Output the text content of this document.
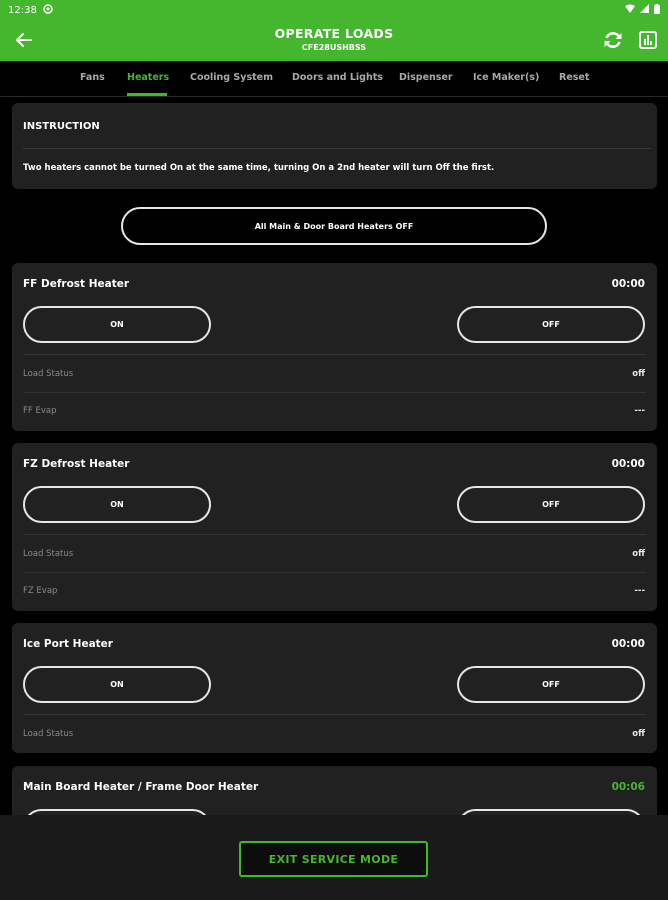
12:38
OPERATE LOADS
CFE28USHBSS
Fans Heaters Cooling System Doors and Lights Dispenser Ice Maker(s) Reset
INSTRUCTION
Two heaters cannot be turned On at the same time, turning On a 2nd heater will turn Off the first.
All Main & Door Board Heaters OFF
FF Defrost Heater	00:00
ON	OFF
Load Status	off
FF Evap	---
FZ Defrost Heater	00:00
ON	OFF
Load Status	off
FZ Evap	---
Ice Port Heater	00:00
ON	OFF
Load Status	off
Main Board Heater / Frame Door Heater	00:06
EXIT SERVICE MODE
